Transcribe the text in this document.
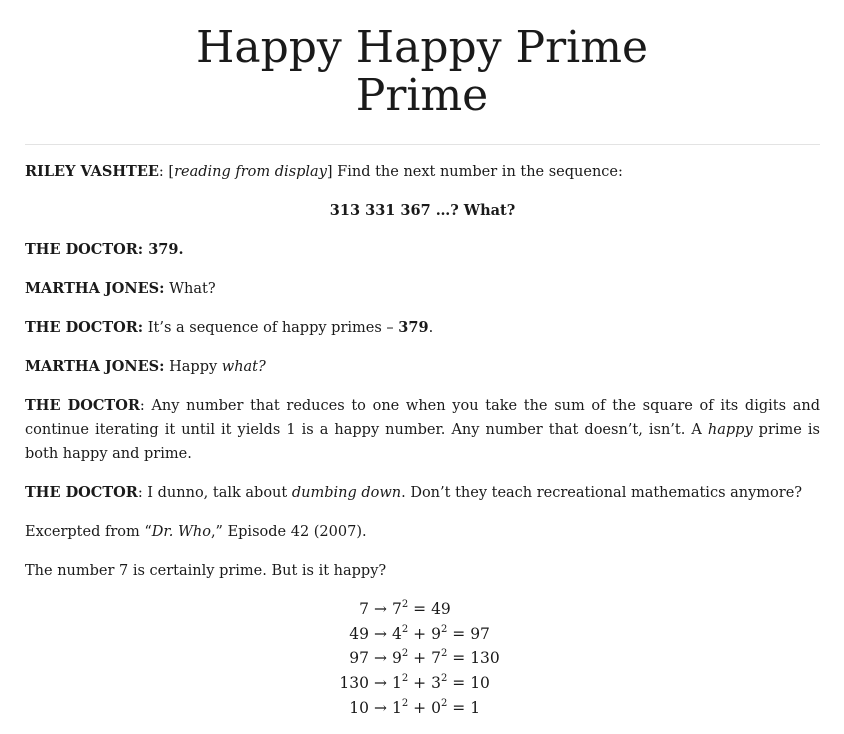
Happy Happy Prime
Prime

RILEY VASHTEE: [reading from display] Find the next number in the sequence:

313 331 367 …? What?

THE DOCTOR: 379.

MARTHA JONES: What?

THE DOCTOR: It’s a sequence of happy primes – 379.

MARTHA JONES: Happy what?

THE DOCTOR: Any number that reduces to one when you take the sum of the square of its digits and continue iterating it until it yields 1 is a happy number. Any number that doesn’t, isn’t. A happy prime is both happy and prime.

THE DOCTOR: I dunno, talk about dumbing down. Don’t they teach recreational mathematics anymore?

Excerpted from “Dr. Who,” Episode 42 (2007).

The number 7 is certainly prime. But is it happy?

$7 \to 7^2 = 49$
$49 \to 4^2 + 9^2 = 97$
$97 \to 9^2 + 7^2 = 130$
$130 \to 1^2 + 3^2 = 10$
$10 \to 1^2 + 0^2 = 1$
